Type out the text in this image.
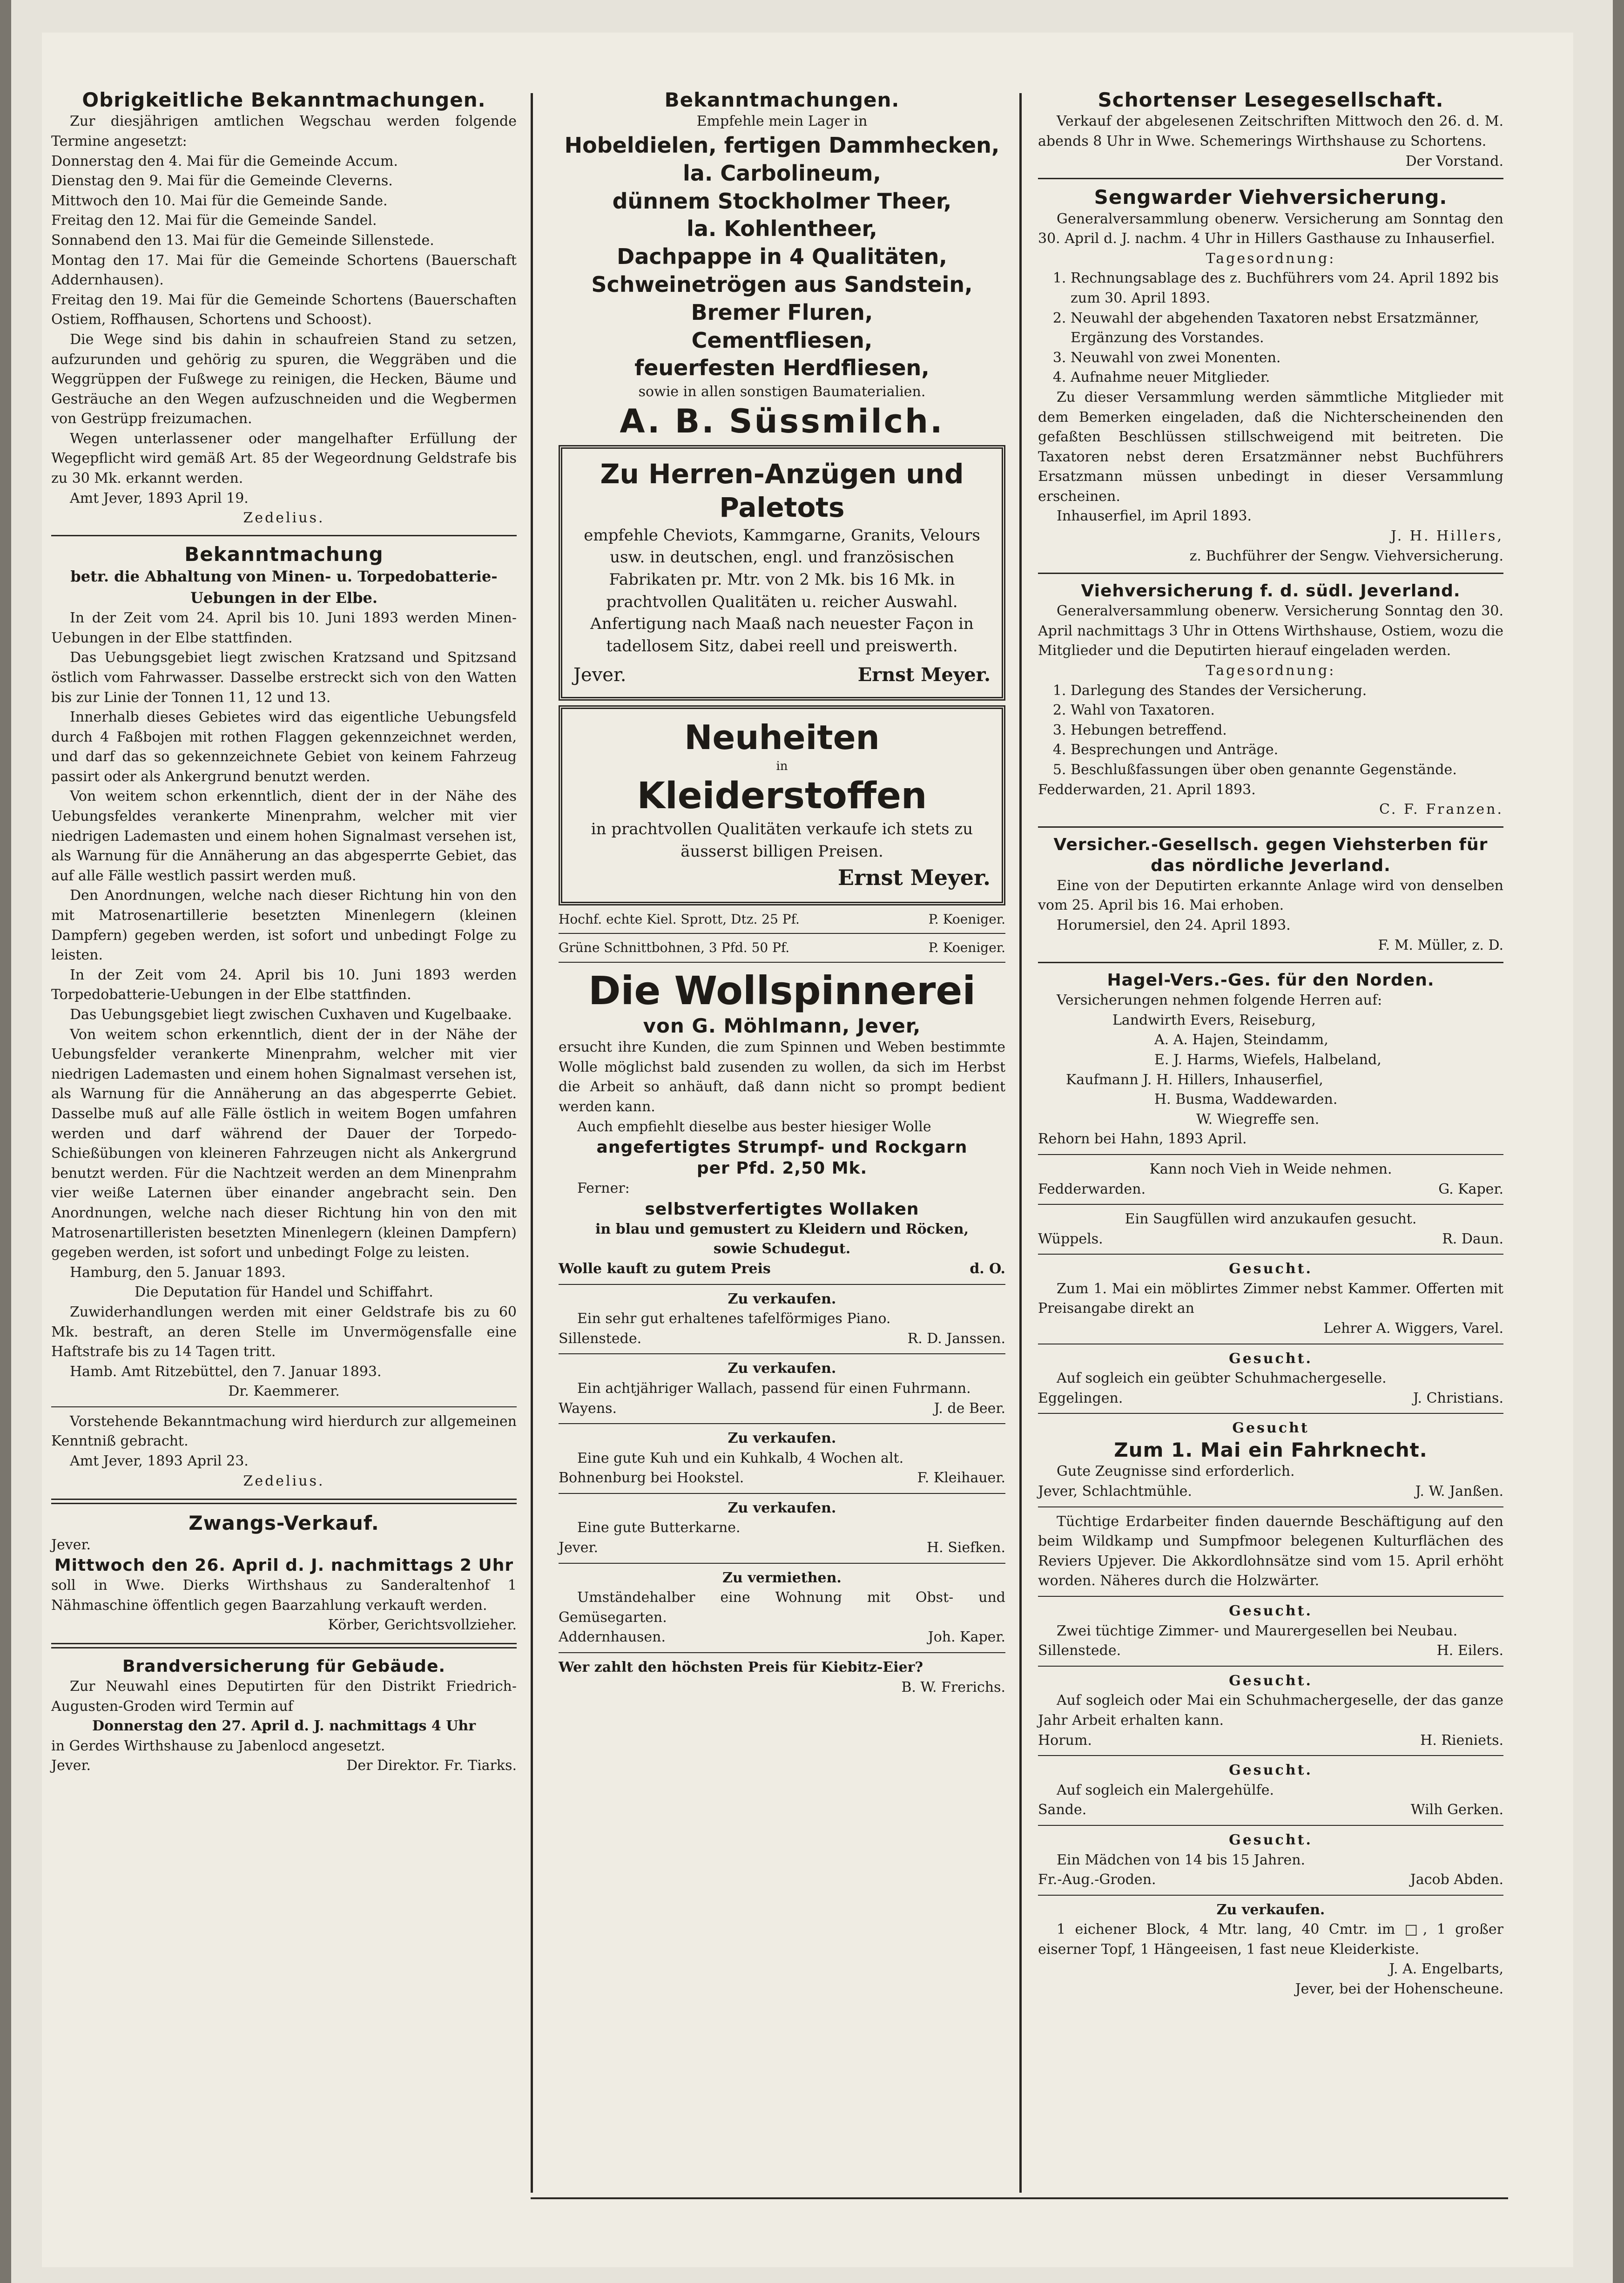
Obrigkeitliche Bekanntmachungen.
Zur diesjährigen amtlichen Wegschau werden folgende Termine angesetzt:
Donnerstag den 4. Mai für die Gemeinde Accum.
Dienstag den 9. Mai für die Gemeinde Cleverns.
Mittwoch den 10. Mai für die Gemeinde Sande.
Freitag den 12. Mai für die Gemeinde Sandel.
Sonnabend den 13. Mai für die Gemeinde Sillenstede.
Montag den 17. Mai für die Gemeinde Schortens (Bauerschaft Addernhausen).
Freitag den 19. Mai für die Gemeinde Schortens (Bauerschaften Ostiem, Roffhausen, Schortens und Schoost).
Die Wege sind bis dahin in schaufreien Stand zu setzen, aufzurunden und gehörig zu spuren, die Weggräben und die Weggrüppen der Fußwege zu reinigen, die Hecken, Bäume und Gesträuche an den Wegen aufzuschneiden und die Wegbermen von Gestrüpp freizumachen.
Wegen unterlassener oder mangelhafter Erfüllung der Wegepflicht wird gemäß Art. 85 der Wegeordnung Geldstrafe bis zu 30 Mk. erkannt werden.
Amt Jever, 1893 April 19.
Zedelius.
Bekanntmachung
betr. die Abhaltung von Minen- u. Torpedobatterie-Uebungen in der Elbe.
In der Zeit vom 24. April bis 10. Juni 1893 werden Minen-Uebungen in der Elbe stattfinden.
Das Uebungsgebiet liegt zwischen Kratzsand und Spitzsand östlich vom Fahrwasser. Dasselbe erstreckt sich von den Watten bis zur Linie der Tonnen 11, 12 und 13.
Innerhalb dieses Gebietes wird das eigentliche Uebungsfeld durch 4 Faßbojen mit rothen Flaggen gekennzeichnet werden, und darf das so gekennzeichnete Gebiet von keinem Fahrzeug passirt oder als Ankergrund benutzt werden.
Von weitem schon erkenntlich, dient der in der Nähe des Uebungsfeldes verankerte Minenprahm, welcher mit vier niedrigen Lademasten und einem hohen Signalmast versehen ist, als Warnung für die Annäherung an das abgesperrte Gebiet, das auf alle Fälle westlich passirt werden muß.
Den Anordnungen, welche nach dieser Richtung hin von den mit Matrosenartillerie besetzten Minenlegern (kleinen Dampfern) gegeben werden, ist sofort und unbedingt Folge zu leisten.
In der Zeit vom 24. April bis 10. Juni 1893 werden Torpedobatterie-Uebungen in der Elbe stattfinden.
Das Uebungsgebiet liegt zwischen Cuxhaven und Kugelbaake.
Von weitem schon erkenntlich, dient der in der Nähe der Uebungsfelder verankerte Minenprahm, welcher mit vier niedrigen Lademasten und einem hohen Signalmast versehen ist, als Warnung für die Annäherung an das abgesperrte Gebiet. Dasselbe muß auf alle Fälle östlich in weitem Bogen umfahren werden und darf während der Dauer der Torpedo-Schießübungen von kleineren Fahrzeugen nicht als Ankergrund benutzt werden. Für die Nachtzeit werden an dem Minenprahm vier weiße Laternen über einander angebracht sein. Den Anordnungen, welche nach dieser Richtung hin von den mit Matrosenartilleristen besetzten Minenlegern (kleinen Dampfern) gegeben werden, ist sofort und unbedingt Folge zu leisten.
Hamburg, den 5. Januar 1893.
Die Deputation für Handel und Schiffahrt.
Zuwiderhandlungen werden mit einer Geldstrafe bis zu 60 Mk. bestraft, an deren Stelle im Unvermögensfalle eine Haftstrafe bis zu 14 Tagen tritt.
Hamb. Amt Ritzebüttel, den 7. Januar 1893.
Dr. Kaemmerer.
Vorstehende Bekanntmachung wird hierdurch zur allgemeinen Kenntniß gebracht.
Amt Jever, 1893 April 23.
Zedelius.
Zwangs-Verkauf.
Jever.
Mittwoch den 26. April d. J. nachmittags 2 Uhr
soll in Wwe. Dierks Wirthshaus zu Sanderaltenhof 1 Nähmaschine öffentlich gegen Baarzahlung verkauft werden.
Körber, Gerichtsvollzieher.
Brandversicherung für Gebäude.
Zur Neuwahl eines Deputirten für den Distrikt Friedrich-Augusten-Groden wird Termin auf
Donnerstag den 27. April d. J. nachmittags 4 Uhr
in Gerdes Wirthshause zu Jabenlocd angesetzt.
Jever.	Der Direktor. Fr. Tiarks.
Bekanntmachungen.
Empfehle mein Lager in
Hobeldielen, fertigen Dammhecken,
la. Carbolineum,
dünnem Stockholmer Theer,
la. Kohlentheer,
Dachpappe in 4 Qualitäten,
Schweinetrögen aus Sandstein,
Bremer Fluren,
Cementfliesen,
feuerfesten Herdfliesen,
sowie in allen sonstigen Baumaterialien.
A. B. Süssmilch.
Zu Herren-Anzügen und Paletots
empfehle Cheviots, Kammgarne, Granits, Velours usw. in deutschen, engl. und französischen Fabrikaten pr. Mtr. von 2 Mk. bis 16 Mk. in prachtvollen Qualitäten u. reicher Auswahl.
Anfertigung nach Maaß nach neuester Façon in tadellosem Sitz, dabei reell und preiswerth.
Jever.	Ernst Meyer.
Neuheiten
in
Kleiderstoffen
in prachtvollen Qualitäten verkaufe ich stets zu äusserst billigen Preisen.
Ernst Meyer.
Hochf. echte Kiel. Sprott, Dtz. 25 Pf.	P. Koeniger.
Grüne Schnittbohnen, 3 Pfd. 50 Pf.	P. Koeniger.
Die Wollspinnerei
von G. Möhlmann, Jever,
ersucht ihre Kunden, die zum Spinnen und Weben bestimmte Wolle möglichst bald zusenden zu wollen, da sich im Herbst die Arbeit so anhäuft, daß dann nicht so prompt bedient werden kann.
Auch empfiehlt dieselbe aus bester hiesiger Wolle
angefertigtes Strumpf- und Rockgarn
per Pfd. 2,50 Mk.
Ferner:
selbstverfertigtes Wollaken
in blau und gemustert zu Kleidern und Röcken,
sowie Schudegut.
Wolle kauft zu gutem Preis	d. O.
Zu verkaufen.
Ein sehr gut erhaltenes tafelförmiges Piano.
Sillenstede.	R. D. Janssen.
Zu verkaufen.
Ein achtjähriger Wallach, passend für einen Fuhrmann.
Wayens.	J. de Beer.
Zu verkaufen.
Eine gute Kuh und ein Kuhkalb, 4 Wochen alt.
Bohnenburg bei Hookstel.	F. Kleihauer.
Zu verkaufen.
Eine gute Butterkarne.
Jever.	H. Siefken.
Zu vermiethen.
Umständehalber eine Wohnung mit Obst- und Gemüsegarten.
Addernhausen.	Joh. Kaper.
Wer zahlt den höchsten Preis für Kiebitz-Eier?
B. W. Frerichs.
Schortenser Lesegesellschaft.
Verkauf der abgelesenen Zeitschriften Mittwoch den 26. d. M. abends 8 Uhr in Wwe. Schemerings Wirthshause zu Schortens.
Der Vorstand.
Sengwarder Viehversicherung.
Generalversammlung obenerw. Versicherung am Sonntag den 30. April d. J. nachm. 4 Uhr in Hillers Gasthause zu Inhauserfiel.
Tagesordnung:
1. Rechnungsablage des z. Buchführers vom 24. April 1892 bis zum 30. April 1893.
2. Neuwahl der abgehenden Taxatoren nebst Ersatzmänner, Ergänzung des Vorstandes.
3. Neuwahl von zwei Monenten.
4. Aufnahme neuer Mitglieder.
Zu dieser Versammlung werden sämmtliche Mitglieder mit dem Bemerken eingeladen, daß die Nichterscheinenden den gefaßten Beschlüssen stillschweigend mit beitreten. Die Taxatoren nebst deren Ersatzmänner nebst Buchführers Ersatzmann müssen unbedingt in dieser Versammlung erscheinen.
Inhauserfiel, im April 1893.
J. H. Hillers,
z. Buchführer der Sengw. Viehversicherung.
Viehversicherung f. d. südl. Jeverland.
Generalversammlung obenerw. Versicherung Sonntag den 30. April nachmittags 3 Uhr in Ottens Wirthshause, Ostiem, wozu die Mitglieder und die Deputirten hierauf eingeladen werden.
Tagesordnung:
1. Darlegung des Standes der Versicherung.
2. Wahl von Taxatoren.
3. Hebungen betreffend.
4. Besprechungen und Anträge.
5. Beschlußfassungen über oben genannte Gegenstände.
Fedderwarden, 21. April 1893.
C. F. Franzen.
Versicher.-Gesellsch. gegen Viehsterben für das nördliche Jeverland.
Eine von der Deputirten erkannte Anlage wird von denselben vom 25. April bis 16. Mai erhoben.
Horumersiel, den 24. April 1893.
F. M. Müller, z. D.
Hagel-Vers.-Ges. für den Norden.
Versicherungen nehmen folgende Herren auf:
Landwirth Evers, Reiseburg,
A. A. Hajen, Steindamm,
E. J. Harms, Wiefels, Halbeland,
Kaufmann J. H. Hillers, Inhauserfiel,
H. Busma, Waddewarden.
W. Wiegreffe sen.
Rehorn bei Hahn, 1893 April.
Kann noch Vieh in Weide nehmen.
Fedderwarden.	G. Kaper.
Ein Saugfüllen wird anzukaufen gesucht.
Wüppels.	R. Daun.
Gesucht.
Zum 1. Mai ein möblirtes Zimmer nebst Kammer. Offerten mit Preisangabe direkt an
Lehrer A. Wiggers, Varel.
Gesucht.
Auf sogleich ein geübter Schuhmachergeselle.
Eggelingen.	J. Christians.
Gesucht
Zum 1. Mai ein Fahrknecht.
Gute Zeugnisse sind erforderlich.
Jever, Schlachtmühle.	J. W. Janßen.
Tüchtige Erdarbeiter finden dauernde Beschäftigung auf den beim Wildkamp und Sumpfmoor belegenen Kulturflächen des Reviers Upjever. Die Akkordlohnsätze sind vom 15. April erhöht worden. Näheres durch die Holzwärter.
Gesucht.
Zwei tüchtige Zimmer- und Maurergesellen bei Neubau.
Sillenstede.	H. Eilers.
Gesucht.
Auf sogleich oder Mai ein Schuhmachergeselle, der das ganze Jahr Arbeit erhalten kann.
Horum.	H. Rieniets.
Gesucht.
Auf sogleich ein Malergehülfe.
Sande.	Wilh Gerken.
Gesucht.
Ein Mädchen von 14 bis 15 Jahren.
Fr.-Aug.-Groden.	Jacob Abden.
Zu verkaufen.
1 eichener Block, 4 Mtr. lang, 40 Cmtr. im □, 1 großer eiserner Topf, 1 Hängeeisen, 1 fast neue Kleiderkiste.
J. A. Engelbarts,
Jever, bei der Hohenscheune.
